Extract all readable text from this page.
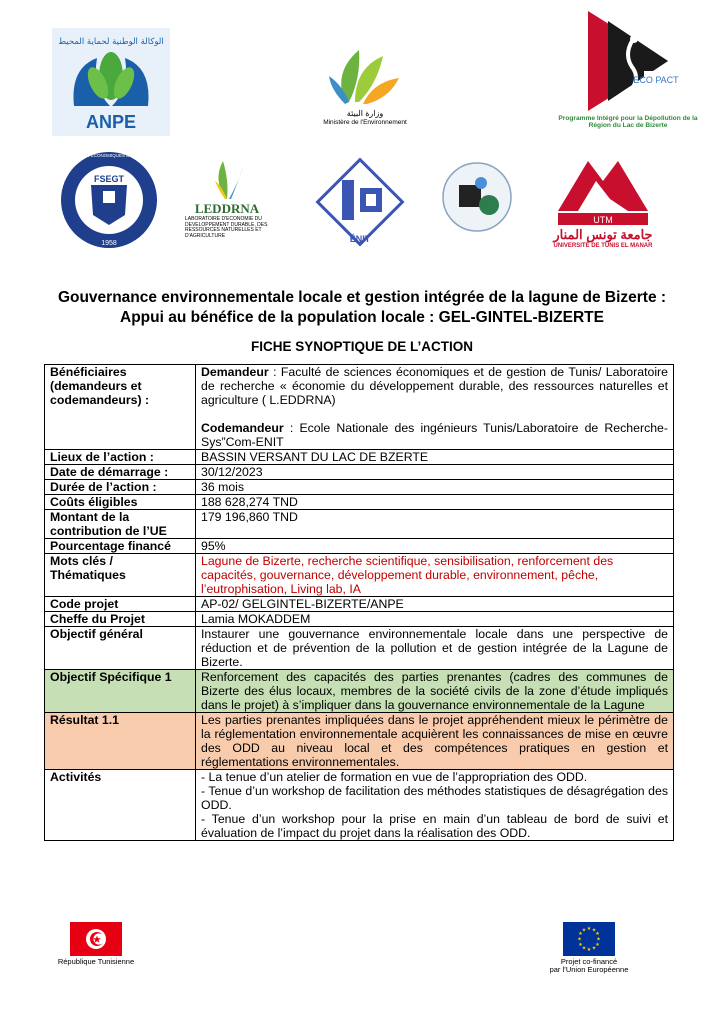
الوكالة الوطنية لحماية المحيط
ANPE	وزارة البيئة
Ministère de l'Environnement
ECO PACT
Programme Intégré pour la Dépollution de la Région du Lac de Bizerte
FSEGT
1958
FACULTE DES SCIENCES ECONOMIQUES ET DE GESTION DE TUNIS
LEDDRNA
LABORATOIRE D'ECONOMIE DU DEVELOPPEMENT DURABLE, DES RESSOURCES NATURELLES ET D'AGRICULTURE	ÉNIT
UTM
جامعة تونس المنار
UNIVERSITÉ DE TUNIS EL MANAR
Gouvernance environnementale locale et gestion intégrée de la lagune de Bizerte :
Appui au bénéfice de la population locale : GEL-GINTEL-BIZERTE
FICHE SYNOPTIQUE DE L’ACTION
Bénéficiaires (demandeurs et codemandeurs) :	Demandeur : Faculté de sciences économiques et de gestion de Tunis/ Laboratoire de recherche « économie du développement durable, des ressources naturelles et agriculture ( L.EDDRNA)
Codemandeur : Ecole Nationale des ingénieurs Tunis/Laboratoire de Recherche- Sys”Com-ENIT

Lieux de l’action :	BASSIN VERSANT DU LAC DE BZERTE
Date de démarrage :	30/12/2023
Durée de l’action :	36 mois
Coûts éligibles	188 628,274 TND
Montant de la contribution de l’UE	179 196,860 TND
Pourcentage financé	95%
Mots clés / Thématiques	Lagune de Bizerte, recherche scientifique, sensibilisation, renforcement des capacités, gouvernance, développement durable, environnement, pêche, l’eutrophisation, Living lab, IA
Code projet	AP-02/ GELGINTEL-BIZERTE/ANPE
Cheffe du Projet	Lamia MOKADDEM
Objectif général	Instaurer une gouvernance environnementale locale dans une perspective de réduction et de prévention de la pollution et de gestion intégrée de la Lagune de Bizerte.
Objectif Spécifique 1	Renforcement des capacités des parties prenantes (cadres des communes de Bizerte des élus locaux, membres de la société civils de la zone d’étude impliqués dans le projet) à s’impliquer dans la gouvernance environnementale de la Lagune
Résultat 1.1	Les parties prenantes impliquées dans le projet appréhendent mieux le périmètre de la réglementation environnementale acquièrent les connaissances de mise en œuvre des ODD au niveau local et des compétences pratiques en gestion et réglementations environnementales.
Activités	- La tenue d’un atelier de formation en vue de l’appropriation des ODD.

- Tenue d’un workshop de facilitation des méthodes statistiques de désagrégation des ODD.

- Tenue d’un workshop pour la prise en main d’un tableau de bord de suivi et évaluation de l’impact du projet dans la réalisation des ODD.

République Tunisienne
★ ★
★
★
★
★
★
★
★
★
★
★
Projet co-financé
par l’Union Européenne
